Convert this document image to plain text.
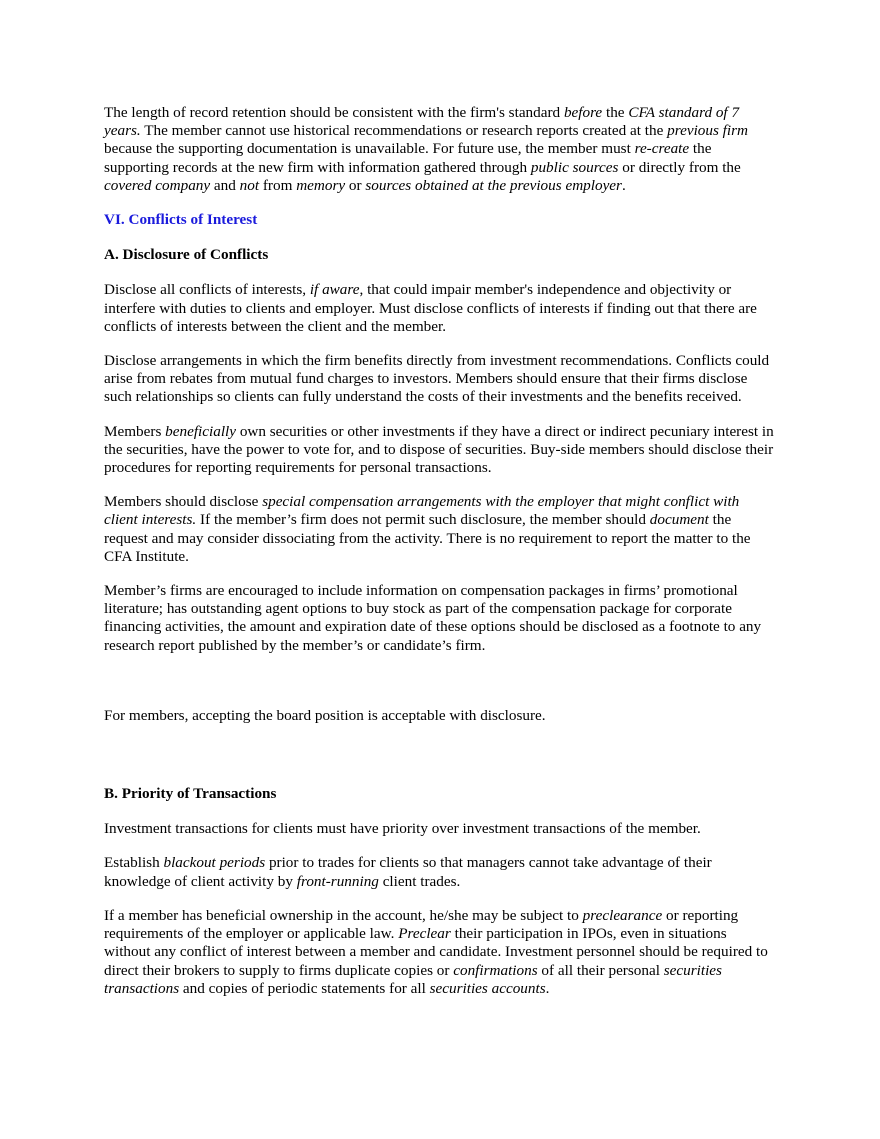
The length of record retention should be consistent with the firm's standard before the CFA standard of 7 years. The member cannot use historical recommendations or research reports created at the previous firm because the supporting documentation is unavailable. For future use, the member must re-create the supporting records at the new firm with information gathered through public sources or directly from the covered company and not from memory or sources obtained at the previous employer.

VI. Conflicts of Interest

A. Disclosure of Conflicts

Disclose all conflicts of interests, if aware, that could impair member's independence and objectivity or interfere with duties to clients and employer. Must disclose conflicts of interests if finding out that there are conflicts of interests between the client and the member.

Disclose arrangements in which the firm benefits directly from investment recommendations. Conflicts could arise from rebates from mutual fund charges to investors. Members should ensure that their firms disclose such relationships so clients can fully understand the costs of their investments and the benefits received.

Members beneficially own securities or other investments if they have a direct or indirect pecuniary interest in the securities, have the power to vote for, and to dispose of securities. Buy-side members should disclose their procedures for reporting requirements for personal transactions.

Members should disclose special compensation arrangements with the employer that might conflict with client interests. If the member’s firm does not permit such disclosure, the member should document the request and may consider dissociating from the activity. There is no requirement to report the matter to the CFA Institute.

Member’s firms are encouraged to include information on compensation packages in firms’ promotional literature; has outstanding agent options to buy stock as part of the compensation package for corporate financing activities, the amount and expiration date of these options should be disclosed as a footnote to any research report published by the member’s or candidate’s firm.

For members, accepting the board position is acceptable with disclosure.

B. Priority of Transactions

Investment transactions for clients must have priority over investment transactions of the member.

Establish blackout periods prior to trades for clients so that managers cannot take advantage of their knowledge of client activity by front-running client trades.

If a member has beneficial ownership in the account, he/she may be subject to preclearance or reporting requirements of the employer or applicable law. Preclear their participation in IPOs, even in situations without any conflict of interest between a member and candidate. Investment personnel should be required to direct their brokers to supply to firms duplicate copies or confirmations of all their personal securities transactions and copies of periodic statements for all securities accounts.
